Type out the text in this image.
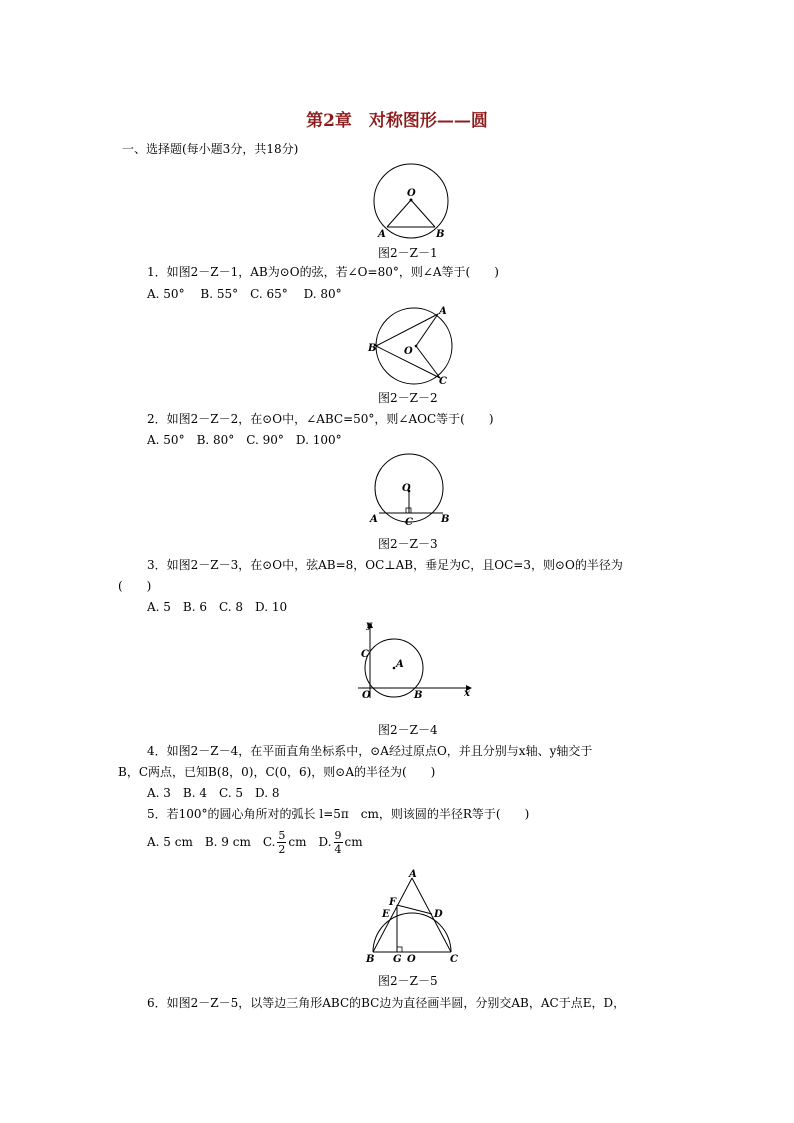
第2章　对称图形——圆
一、选择题(每小题3分，共18分)
O
A	B
图2－Z－1
1．如图2－Z－1，AB为⊙O的弦，若∠O=80°，则∠A等于(　　)
A. 50°　 B. 55°　C. 65°　 D. 80°
A
B	O
C
图2－Z－2
2．如图2－Z－2，在⊙O中，∠ABC=50°，则∠AOC等于(　　)
A. 50°　B. 80°　C. 90°　D. 100°
O
A	C	B
图2－Z－3
3．如图2－Z－3，在⊙O中，弦AB=8，OC⊥AB，垂足为C，且OC=3，则⊙O的半径为
(　　)
A. 5　B. 6　C. 8　D. 10
y
C
A
O	B	x
图2－Z－4
4．如图2－Z－4，在平面直角坐标系中，⊙A经过原点O，并且分别与x轴、y轴交于
B，C两点，已知B(8，0)，C(0，6)，则⊙A的半径为(　　)
A. 3　B. 4　C. 5　D. 8
5．若100°的圆心角所对的弧长 l=5π　cm，则该圆的半径R等于(　　)
A. 5 cm　B. 9 cm　C. $\frac{5}{2}$ cm　D. $\frac{9}{4}$ cm
A
F
E	D
B G O	C
图2－Z－5
6．如图2－Z－5，以等边三角形ABC的BC边为直径画半圆，分别交AB，AC于点E，D，
